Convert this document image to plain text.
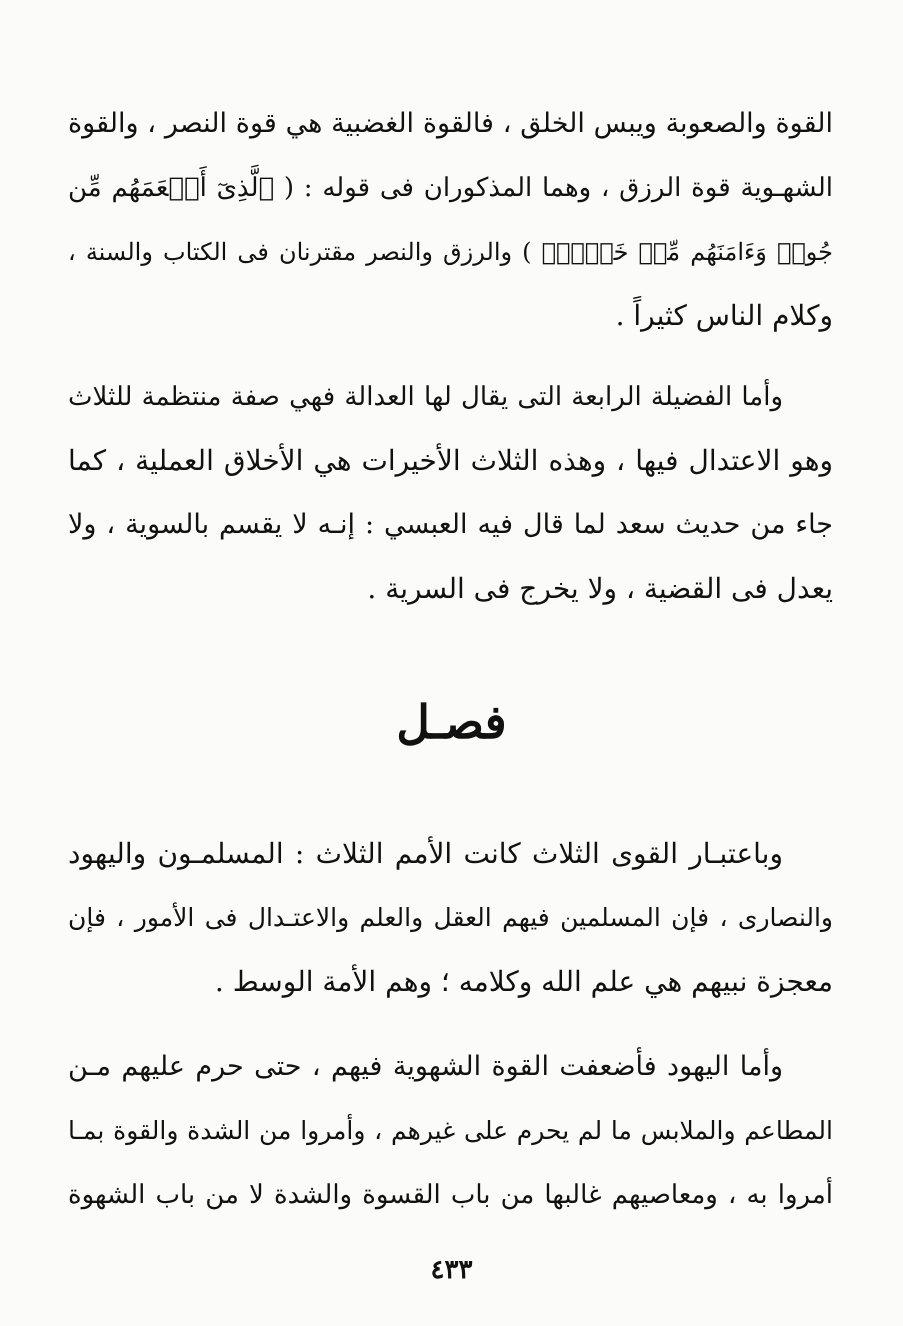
القوة والصعوبة ويبس الخلق ، فالقوة الغضبية هي قوة النصر ، والقوة
الشهـوية قوة الرزق ، وهما المذكوران فى قوله : ( ٱلَّذِىٓ أَطۡعَمَهُم مِّن
جُوعٖ وَءَامَنَهُم مِّنۡ خَوۡفِۭ ) والرزق والنصر مقترنان فى الكتاب والسنة ،
وكلام الناس كثيراً .
وأما الفضيلة الرابعة التى يقال لها العدالة فهي صفة منتظمة للثلاث
وهو الاعتدال فيها ، وهذه الثلاث الأخيرات هي الأخلاق العملية ، كما
جاء من حديث سعد لما قال فيه العبسي : إنـه لا يقسم بالسوية ، ولا
يعدل فى القضية ، ولا يخرج فى السرية .
فصـل
وباعتبـار القوى الثلاث كانت الأمم الثلاث : المسلمـون واليهود
والنصارى ، فإن المسلمين فيهم العقل والعلم والاعتـدال فى الأمور ، فإن
معجزة نبيهم هي علم الله وكلامه ؛ وهم الأمة الوسط .
وأما اليهود فأضعفت القوة الشهوية فيهم ، حتى حرم عليهم مـن
المطاعم والملابس ما لم يحرم على غيرهم ، وأمروا من الشدة والقوة بمـا
أمروا به ، ومعاصيهم غالبها من باب القسوة والشدة لا من باب الشهوة
٤٣٣
